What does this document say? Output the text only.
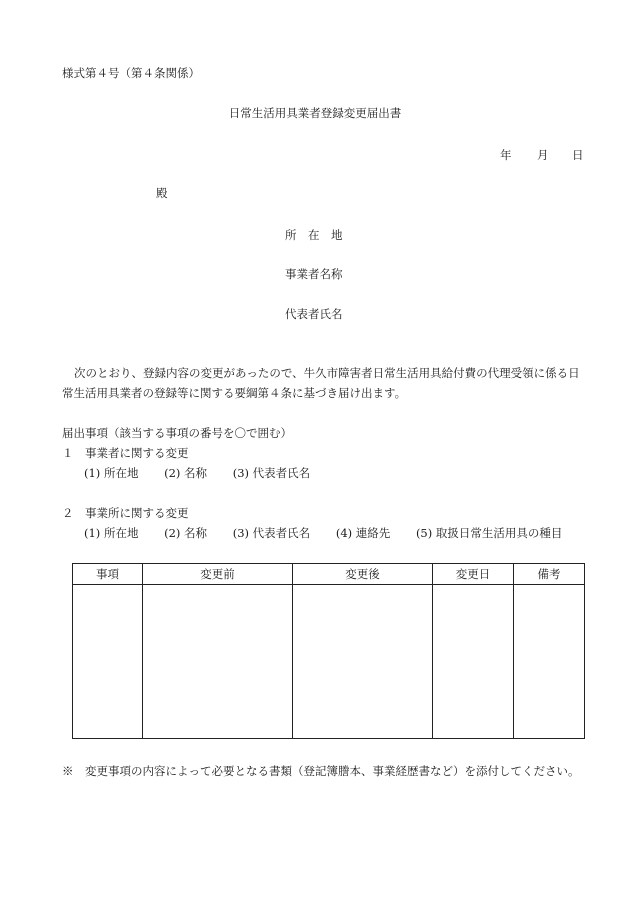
様式第４号（第４条関係）
日常生活用具業者登録変更届出書
年 月 日
殿
所　在　地
事業者名称
代表者氏名
次のとおり、登録内容の変更があったので、牛久市障害者日常生活用具給付費の代理受領に係る日
常生活用具業者の登録等に関する要綱第４条に基づき届け出ます。
届出事項（該当する事項の番号を〇で囲む）
１　事業者に関する変更
(1) 所在地 (2) 名称 (3) 代表者氏名
２　事業所に関する変更
(1) 所在地 (2) 名称 (3) 代表者氏名 (4) 連絡先 (5) 取扱日常生活用具の種目
事項	変更前	変更後	変更日	備考

※　変更事項の内容によって必要となる書類（登記簿謄本、事業経歴書など）を添付してください。
